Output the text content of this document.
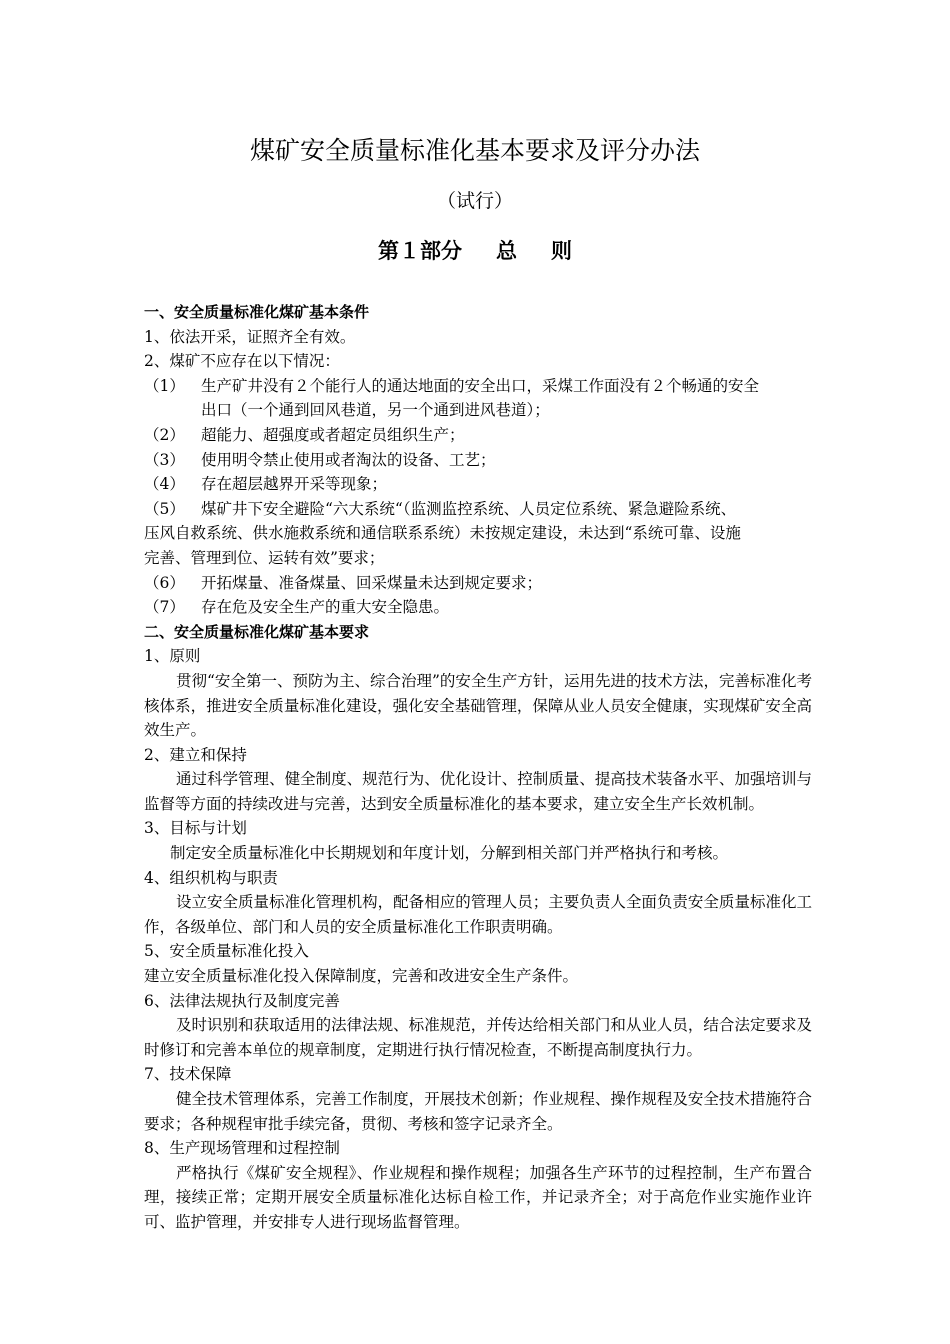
煤矿安全质量标准化基本要求及评分办法
（试行）
第１部分 总 则
一、安全质量标准化煤矿基本条件
1、依法开采，证照齐全有效。
2、煤矿不应存在以下情况：
（1）	生产矿井没有２个能行人的通达地面的安全出口，采煤工作面没有２个畅通的安全
出口（一个通到回风巷道，另一个通到进风巷道）；
（2）	超能力、超强度或者超定员组织生产；
（3）	使用明令禁止使用或者淘汰的设备、工艺；
（4）	存在超层越界开采等现象；
（5）	煤矿井下安全避险“六大系统“（监测监控系统、人员定位系统、紧急避险系统、
压风自救系统、供水施救系统和通信联系系统）未按规定建设，未达到“系统可靠、设施
完善、管理到位、运转有效”要求；
（6）	开拓煤量、准备煤量、回采煤量未达到规定要求；
（7）	存在危及安全生产的重大安全隐患。
二、安全质量标准化煤矿基本要求
1、原则
贯彻“安全第一、预防为主、综合治理”的安全生产方针，运用先进的技术方法，完善标准化考核体系，推进安全质量标准化建设，强化安全基础管理，保障从业人员安全健康，实现煤矿安全高效生产。
2、建立和保持
通过科学管理、健全制度、规范行为、优化设计、控制质量、提高技术装备水平、加强培训与监督等方面的持续改进与完善，达到安全质量标准化的基本要求，建立安全生产长效机制。
3、目标与计划
制定安全质量标准化中长期规划和年度计划，分解到相关部门并严格执行和考核。
4、组织机构与职责
设立安全质量标准化管理机构，配备相应的管理人员；主要负责人全面负责安全质量标准化工作，各级单位、部门和人员的安全质量标准化工作职责明确。
5、安全质量标准化投入
建立安全质量标准化投入保障制度，完善和改进安全生产条件。
6、法律法规执行及制度完善
及时识别和获取适用的法律法规、标准规范，并传达给相关部门和从业人员，结合法定要求及时修订和完善本单位的规章制度，定期进行执行情况检查，不断提高制度执行力。
7、技术保障
健全技术管理体系，完善工作制度，开展技术创新；作业规程、操作规程及安全技术措施符合要求；各种规程审批手续完备，贯彻、考核和签字记录齐全。
8、生产现场管理和过程控制
严格执行《煤矿安全规程》、作业规程和操作规程；加强各生产环节的过程控制，生产布置合理，接续正常；定期开展安全质量标准化达标自检工作，并记录齐全；对于高危作业实施作业许可、监护管理，并安排专人进行现场监督管理。
